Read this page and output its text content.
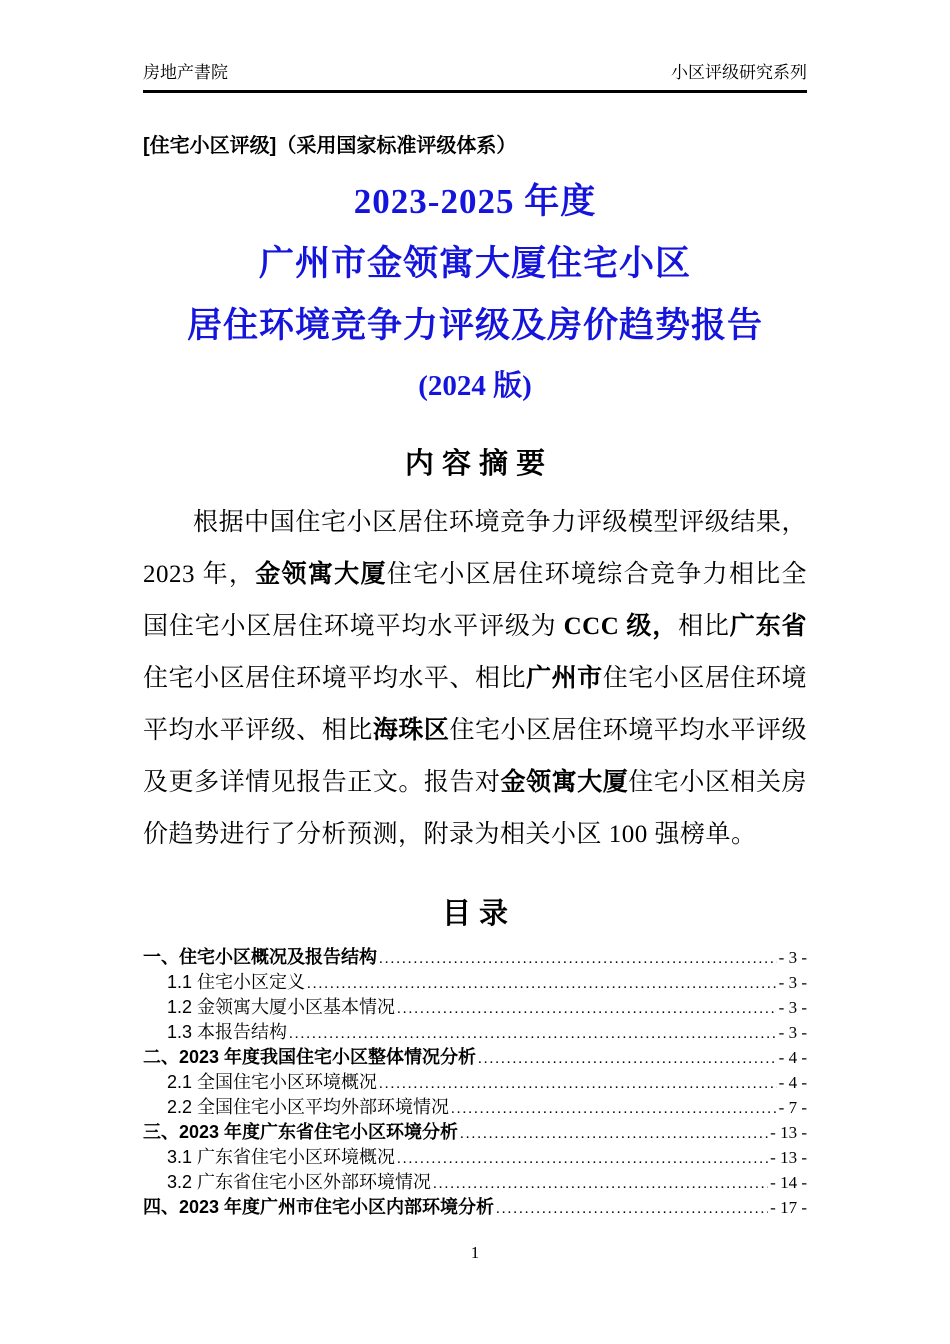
房地产書院	小区评级研究系列
[住宅小区评级]（采用国家标准评级体系）
2023-2025 年度
广州市金领寓大厦住宅小区
居住环境竞争力评级及房价趋势报告
(2024 版)
内 容 摘 要

根据中国住宅小区居住环境竞争力评级模型评级结果，2023 年，金领寓大厦住宅小区居住环境综合竞争力相比全国住宅小区居住环境平均水平评级为 CCC 级，相比广东省住宅小区居住环境平均水平、相比广州市住宅小区居住环境平均水平评级、相比海珠区住宅小区居住环境平均水平评级及更多详情见报告正文。报告对金领寓大厦住宅小区相关房价趋势进行了分析预测，附录为相关小区 100 强榜单。

目 录
一、住宅小区概况及报告结构 .....	- 3 -
1.1 住宅小区定义 .....	- 3 -
1.2 金领寓大厦小区基本情况 .....	- 3 -
1.3 本报告结构 .....	- 3 -
二、2023 年度我国住宅小区整体情况分析 .....	- 4 -
2.1 全国住宅小区环境概况 .....	- 4 -
2.2 全国住宅小区平均外部环境情况 .....	- 7 -
三、2023 年度广东省住宅小区环境分析 .....	- 13 -
3.1 广东省住宅小区环境概况 .....	- 13 -
3.2 广东省住宅小区外部环境情况 .....	- 14 -
四、2023 年度广州市住宅小区内部环境分析 .....	- 17 -
1
